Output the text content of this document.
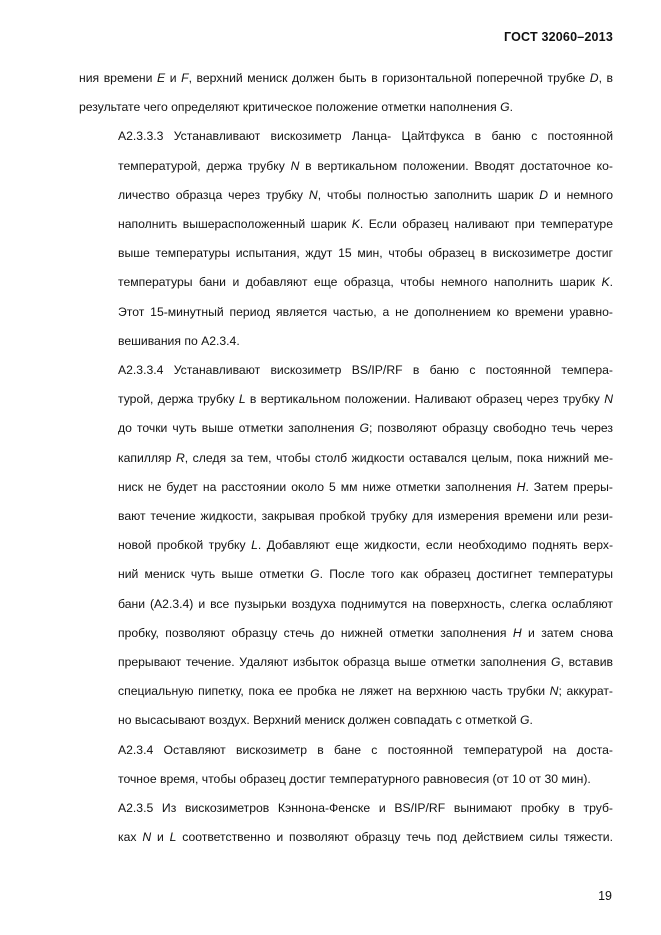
ГОСТ 32060–2013
ния времени E и F, верхний мениск должен быть в горизонтальной поперечной трубке D, в
результате чего определяют критическое положение отметки наполнения G.
А2.3.3.3 Устанавливают вискозиметр Ланца- Цайтфукса в баню с постоянной
температурой, держа трубку N в вертикальном положении. Вводят достаточное ко-
личество образца через трубку N, чтобы полностью заполнить шарик D и немного
наполнить вышерасположенный шарик K. Если образец наливают при температуре
выше температуры испытания, ждут 15 мин, чтобы образец в вискозиметре достиг
температуры бани и добавляют еще образца, чтобы немного наполнить шарик K.
Этот 15-минутный период является частью, а не дополнением ко времени уравно-
вешивания по А2.3.4.
А2.3.3.4 Устанавливают вискозиметр BS/IP/RF в баню с постоянной темпера-
турой, держа трубку L в вертикальном положении. Наливают образец через трубку N
до точки чуть выше отметки заполнения G; позволяют образцу свободно течь через
капилляр R, следя за тем, чтобы столб жидкости оставался целым, пока нижний ме-
ниск не будет на расстоянии около 5 мм ниже отметки заполнения H. Затем преры-
вают течение жидкости, закрывая пробкой трубку для измерения времени или рези-
новой пробкой трубку L. Добавляют еще жидкости, если необходимо поднять верх-
ний мениск чуть выше отметки G. После того как образец достигнет температуры
бани (А2.3.4) и все пузырьки воздуха поднимутся на поверхность, слегка ослабляют
пробку, позволяют образцу стечь до нижней отметки заполнения H и затем снова
прерывают течение. Удаляют избыток образца выше отметки заполнения G, вставив
специальную пипетку, пока ее пробка не ляжет на верхнюю часть трубки N; аккурат-
но высасывают воздух. Верхний мениск должен совпадать с отметкой G.
А2.3.4 Оставляют вискозиметр в бане с постоянной температурой на доста-
точное время, чтобы образец достиг температурного равновесия (от 10 от 30 мин).
А2.3.5 Из вискозиметров Кэннона-Фенске и BS/IP/RF вынимают пробку в труб-
ках N и L соответственно и позволяют образцу течь под действием силы тяжести.
19
